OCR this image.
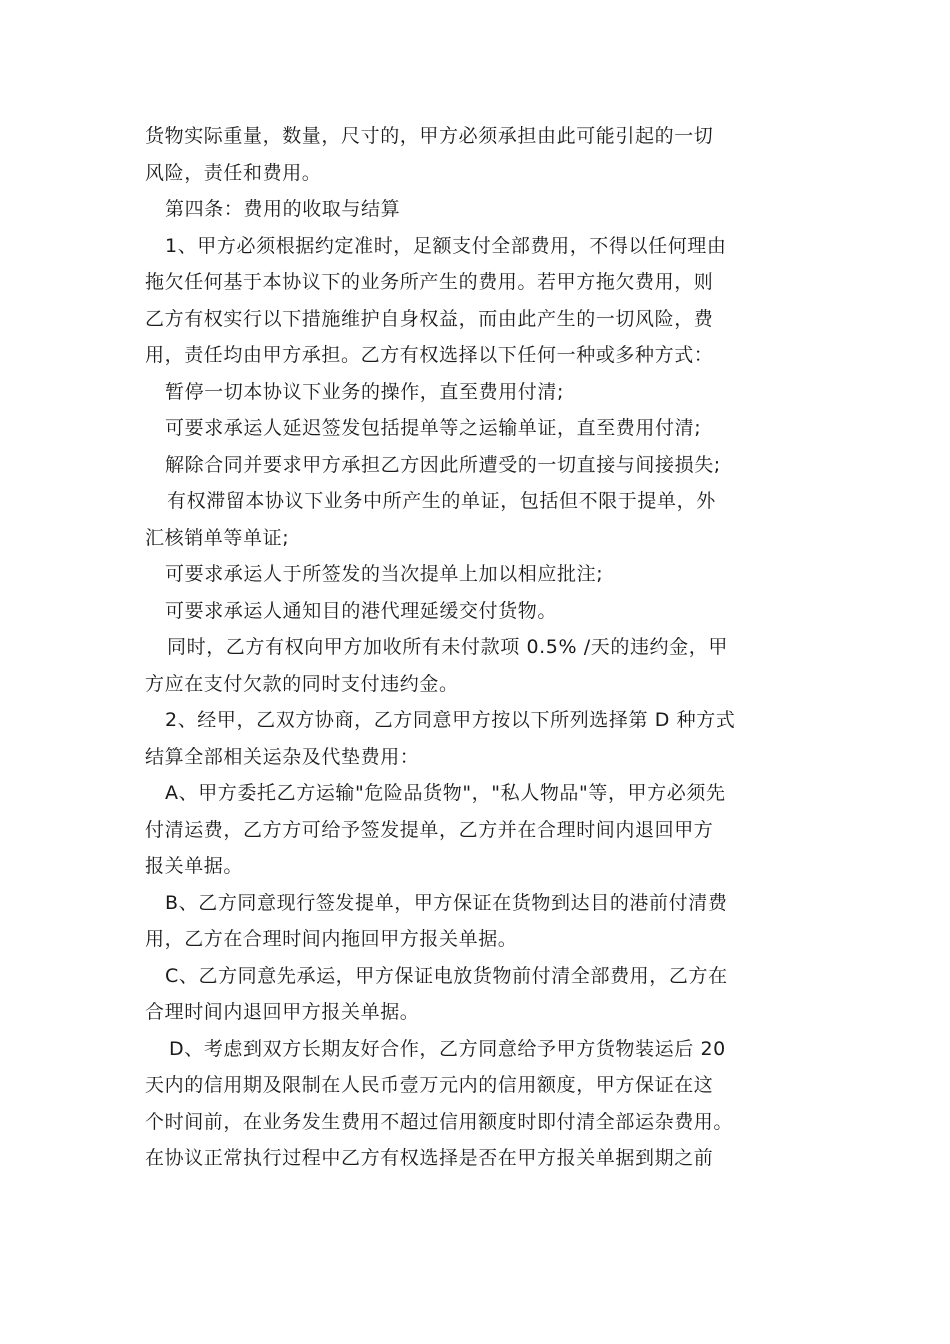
货物实际重量，数量，尺寸的，甲方必须承担由此可能引起的一切
风险，责任和费用。
第四条：费用的收取与结算
1、甲方必须根据约定准时，足额支付全部费用，不得以任何理由
拖欠任何基于本协议下的业务所产生的费用。若甲方拖欠费用，则
乙方有权实行以下措施维护自身权益，而由此产生的一切风险，费
用，责任均由甲方承担。乙方有权选择以下任何一种或多种方式：
暂停一切本协议下业务的操作，直至费用付清;
可要求承运人延迟签发包括提单等之运输单证，直至费用付清;
解除合同并要求甲方承担乙方因此所遭受的一切直接与间接损失;
有权滞留本协议下业务中所产生的单证，包括但不限于提单，外
汇核销单等单证;
可要求承运人于所签发的当次提单上加以相应批注;
可要求承运人通知目的港代理延缓交付货物。
同时，乙方有权向甲方加收所有未付款项 0.5% /天的违约金，甲
方应在支付欠款的同时支付违约金。
2、经甲，乙双方协商，乙方同意甲方按以下所列选择第 D 种方式
结算全部相关运杂及代垫费用：
A、甲方委托乙方运输"危险品货物"，"私人物品"等，甲方必须先
付清运费，乙方方可给予签发提单，乙方并在合理时间内退回甲方
报关单据。
B、乙方同意现行签发提单，甲方保证在货物到达目的港前付清费
用，乙方在合理时间内拖回甲方报关单据。
C、乙方同意先承运，甲方保证电放货物前付清全部费用，乙方在
合理时间内退回甲方报关单据。
D、考虑到双方长期友好合作，乙方同意给予甲方货物装运后 20
天内的信用期及限制在人民币壹万元内的信用额度，甲方保证在这
个时间前，在业务发生费用不超过信用额度时即付清全部运杂费用。
在协议正常执行过程中乙方有权选择是否在甲方报关单据到期之前
